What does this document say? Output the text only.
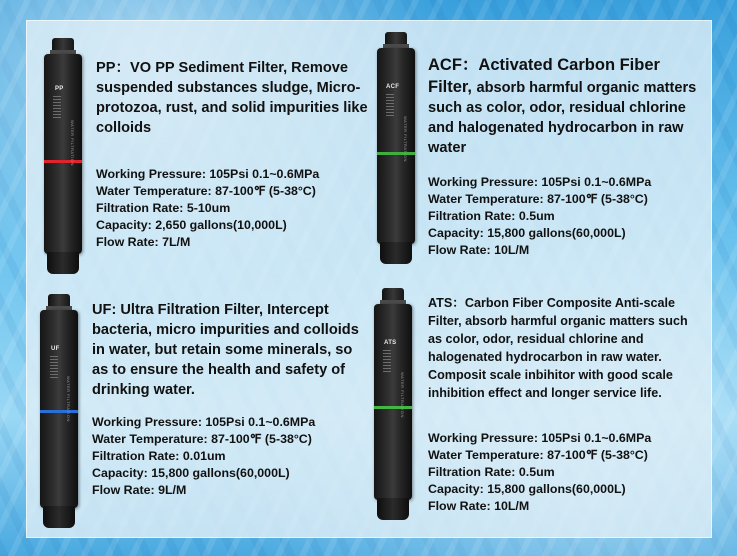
PP
WATER FILTRATION
ACF
WATER FILTRATION
UF
WATER FILTRATION
ATS
WATER FILTRATION

PP：VO PP Sediment Filter, Remove suspended substances sludge, Micro-protozoa, rust, and solid impurities like colloids

Working Pressure: 105Psi 0.1~0.6MPa

Water Temperature: 87-100℉ (5-38°C)

Filtration Rate: 5-10um

Capacity: 2,650 gallons(10,000L)

Flow Rate: 7L/M

ACF：Activated Carbon Fiber Filter, absorb harmful organic matters such as color, odor, residual chlorine and halogenated hydrocarbon in raw water

Working Pressure: 105Psi 0.1~0.6MPa

Water Temperature: 87-100℉ (5-38°C)

Filtration Rate: 0.5um

Capacity: 15,800 gallons(60,000L)

Flow Rate: 10L/M

UF: Ultra Filtration Filter, Intercept bacteria, micro impurities and colloids in water, but retain some minerals, so as to ensure the health and safety of drinking water.

Working Pressure: 105Psi 0.1~0.6MPa

Water Temperature: 87-100℉ (5-38°C)

Filtration Rate: 0.01um

Capacity: 15,800 gallons(60,000L)

Flow Rate: 9L/M

ATS：Carbon Fiber Composite Anti-scale Filter, absorb harmful organic matters such as color, odor, residual chlorine and halogenated hydrocarbon in raw water. Composit scale inbihitor with good scale inhibition effect and longer service life.

Working Pressure: 105Psi 0.1~0.6MPa

Water Temperature: 87-100℉ (5-38°C)

Filtration Rate: 0.5um

Capacity: 15,800 gallons(60,000L)

Flow Rate: 10L/M
